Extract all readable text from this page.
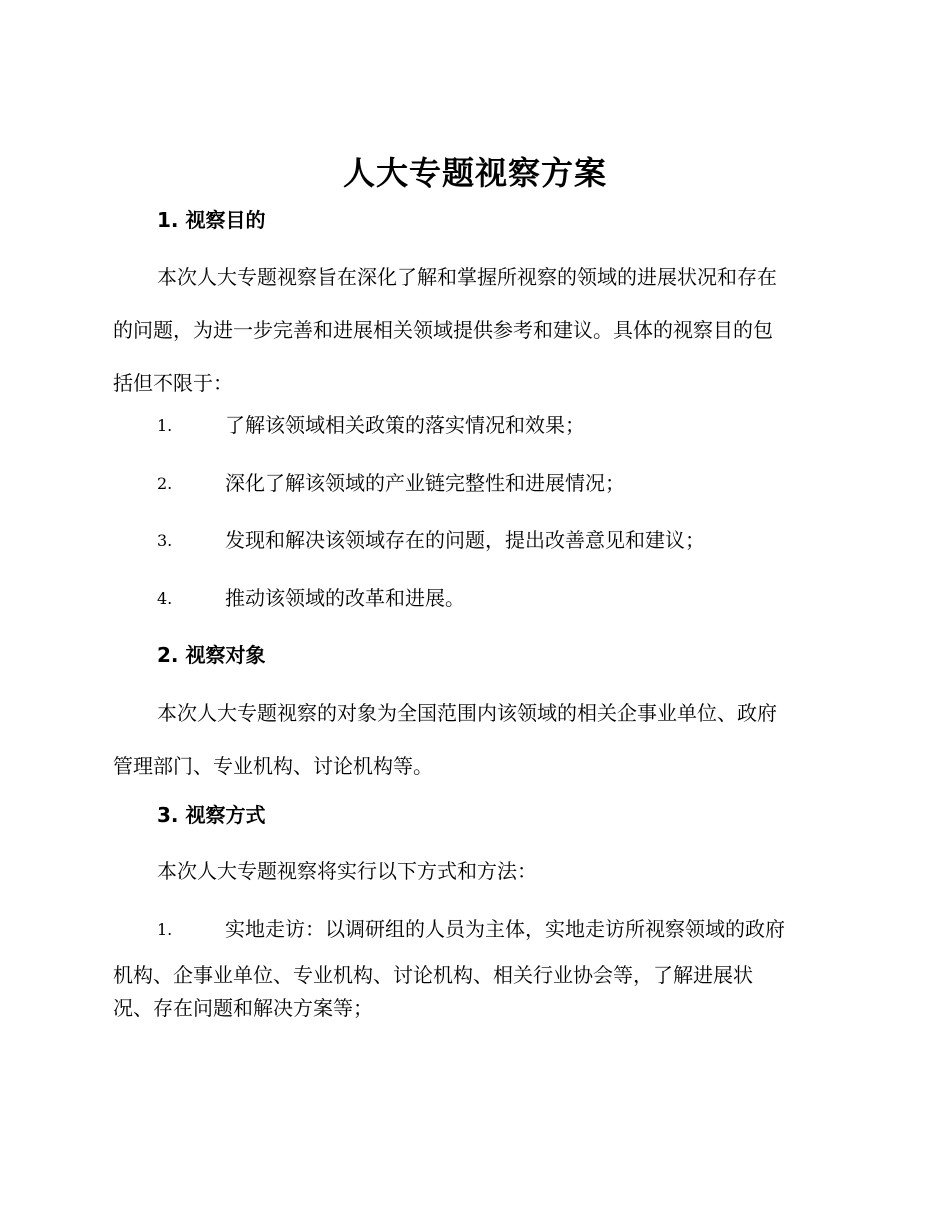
人大专题视察方案
1. 视察目的
本次人大专题视察旨在深化了解和掌握所视察的领域的进展状况和存在
的问题，为进一步完善和进展相关领域提供参考和建议。具体的视察目的包
括但不限于：
1.	了解该领域相关政策的落实情况和效果；
2.	深化了解该领域的产业链完整性和进展情况；
3.	发现和解决该领域存在的问题，提出改善意见和建议；
4.	推动该领域的改革和进展。
2. 视察对象
本次人大专题视察的对象为全国范围内该领域的相关企事业单位、政府
管理部门、专业机构、讨论机构等。
3. 视察方式
本次人大专题视察将实行以下方式和方法：
1.	实地走访：以调研组的人员为主体，实地走访所视察领域的政府
机构、企事业单位、专业机构、讨论机构、相关行业协会等，了解进展状
况、存在问题和解决方案等；
